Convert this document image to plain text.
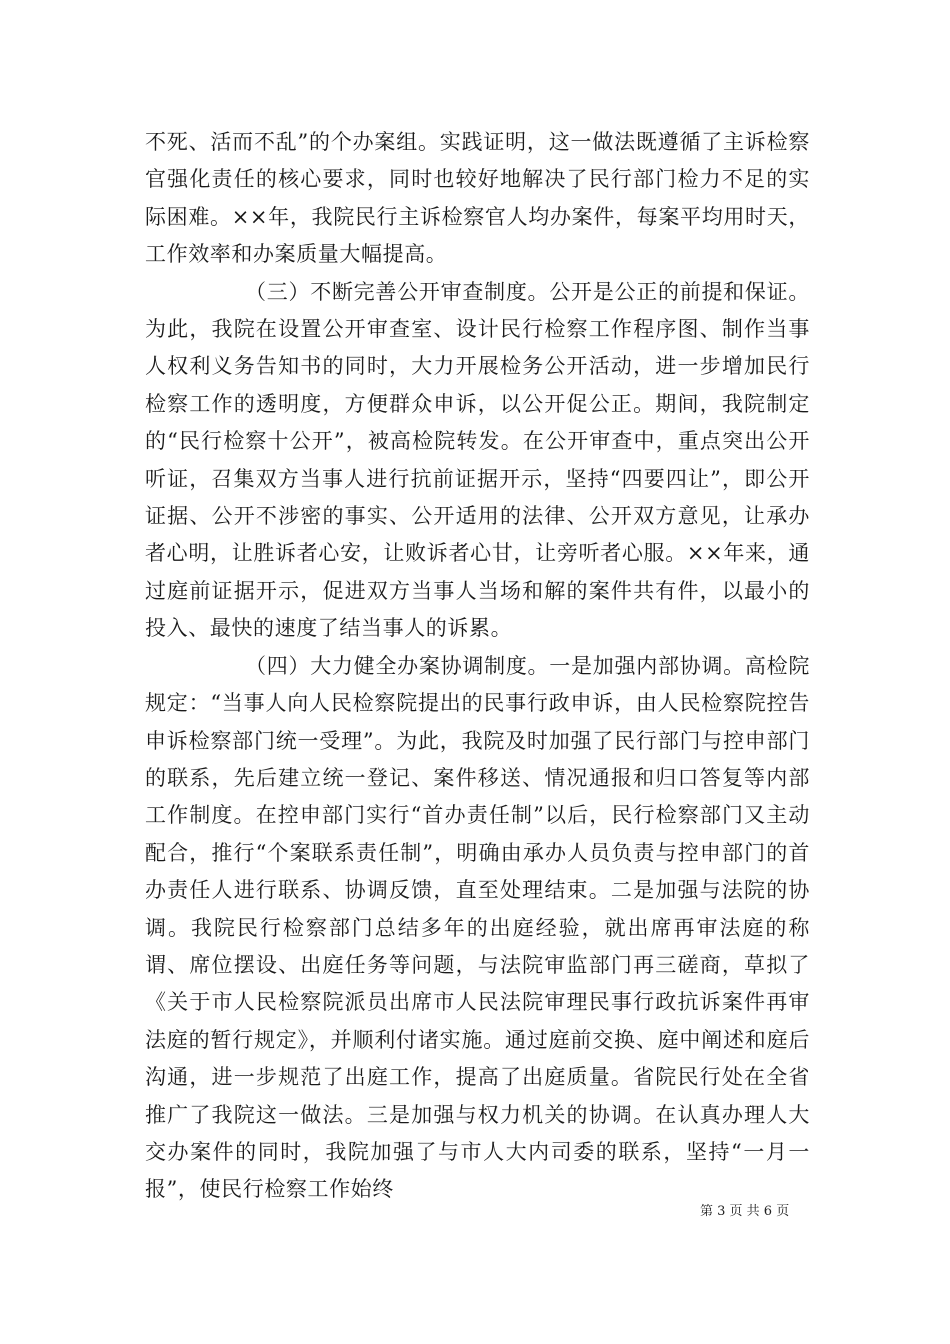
不死、活而不乱”的个办案组。实践证明，这一做法既遵循了主诉检察官强化责任的核心要求，同时也较好地解决了民行部门检力不足的实际困难。××年，我院民行主诉检察官人均办案件，每案平均用时天，工作效率和办案质量大幅提高。

（三）不断完善公开审查制度。公开是公正的前提和保证。为此，我院在设置公开审查室、设计民行检察工作程序图、制作当事人权利义务告知书的同时，大力开展检务公开活动，进一步增加民行检察工作的透明度，方便群众申诉，以公开促公正。期间，我院制定的“民行检察十公开”，被高检院转发。在公开审查中，重点突出公开听证，召集双方当事人进行抗前证据开示，坚持“四要四让”，即公开证据、公开不涉密的事实、公开适用的法律、公开双方意见，让承办者心明，让胜诉者心安，让败诉者心甘，让旁听者心服。××年来，通过庭前证据开示，促进双方当事人当场和解的案件共有件，以最小的投入、最快的速度了结当事人的诉累。

（四）大力健全办案协调制度。一是加强内部协调。高检院规定：“当事人向人民检察院提出的民事行政申诉，由人民检察院控告申诉检察部门统一受理”。为此，我院及时加强了民行部门与控申部门的联系，先后建立统一登记、案件移送、情况通报和归口答复等内部工作制度。在控申部门实行“首办责任制”以后，民行检察部门又主动配合，推行“个案联系责任制”，明确由承办人员负责与控申部门的首办责任人进行联系、协调反馈，直至处理结束。二是加强与法院的协调。我院民行检察部门总结多年的出庭经验，就出席再审法庭的称谓、席位摆设、出庭任务等问题，与法院审监部门再三磋商，草拟了《关于市人民检察院派员出席市人民法院审理民事行政抗诉案件再审法庭的暂行规定》，并顺利付诸实施。通过庭前交换、庭中阐述和庭后沟通，进一步规范了出庭工作，提高了出庭质量。省院民行处在全省推广了我院这一做法。三是加强与权力机关的协调。在认真办理人大交办案件的同时，我院加强了与市人大内司委的联系，坚持“一月一报”，使民行检察工作始终

第 3 页 共 6 页
